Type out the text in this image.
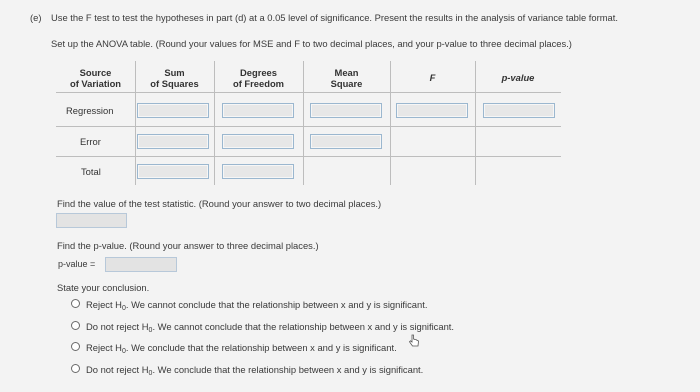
(e) Use the F test to test the hypotheses in part (d) at a 0.05 level of significance. Present the results in the analysis of variance table format.
Set up the ANOVA table. (Round your values for MSE and F to two decimal places, and your p-value to three decimal places.)
Source
of Variation
Sum
of Squares
Degrees
of Freedom
Mean
Square
F	p-value
Regression
Error
Total
Find the value of the test statistic. (Round your answer to two decimal places.)
Find the p-value. (Round your answer to three decimal places.)
p-value =
State your conclusion.
Reject $H_0$. We cannot conclude that the relationship between x and y is significant.
Do not reject $H_0$. We cannot conclude that the relationship between x and y is significant.
Reject $H_0$. We conclude that the relationship between x and y is significant.
Do not reject $H_0$. We conclude that the relationship between x and y is significant.
